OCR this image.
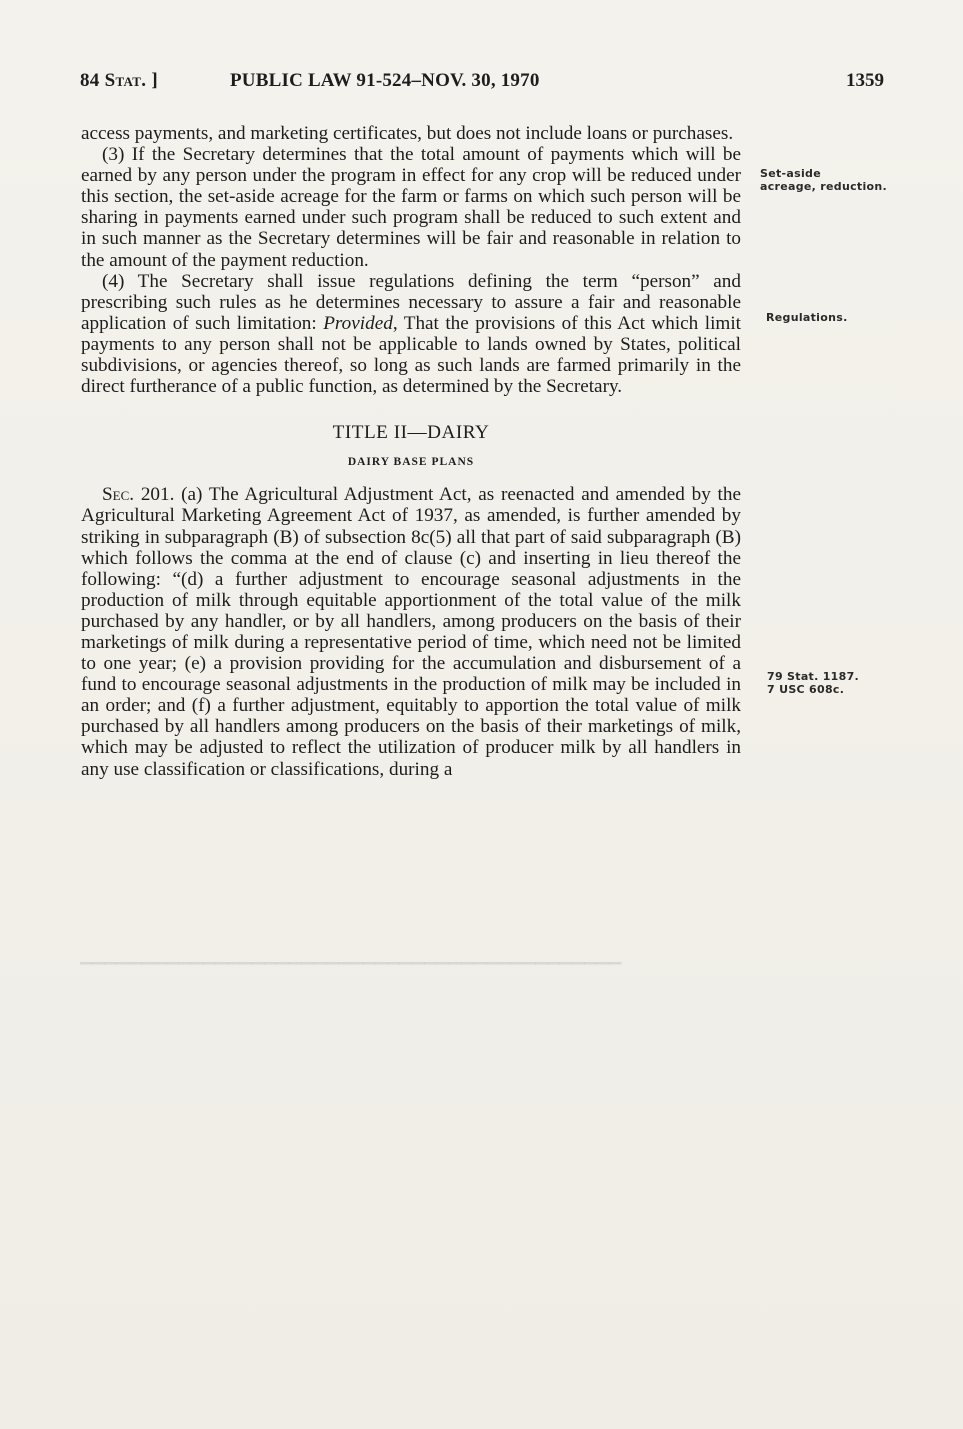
▁▁▁▁▁▁▁▁▁▁▁▁▁▁▁▁▁▁▁▁▁▁▁▁▁▁▁▁▁▁▁▁▁▁▁▁▁▁▁▁▁▁▁▁
84 Stat. ]	PUBLIC LAW 91-524–NOV. 30, 1970	1359
Set-aside
acreage, reduction.
Regulations.
79 Stat. 1187.
7 USC 608c.

access payments, and marketing certificates, but does not include loans or purchases.

(3) If the Secretary determines that the total amount of payments which will be earned by any person under the program in effect for any crop will be reduced under this section, the set-aside acreage for the farm or farms on which such person will be sharing in payments earned under such program shall be reduced to such extent and in such manner as the Secretary determines will be fair and reasonable in relation to the amount of the payment reduction.

(4) The Secretary shall issue regulations defining the term “person” and prescribing such rules as he determines necessary to assure a fair and reasonable application of such limitation: Provided, That the provisions of this Act which limit payments to any person shall not be applicable to lands owned by States, political subdivisions, or agencies thereof, so long as such lands are farmed primarily in the direct furtherance of a public function, as determined by the Secretary.

TITLE II—DAIRY

DAIRY BASE PLANS

Sec. 201. (a) The Agricultural Adjustment Act, as reenacted and amended by the Agricultural Marketing Agreement Act of 1937, as amended, is further amended by striking in subparagraph (B) of subsection 8c(5) all that part of said subparagraph (B) which follows the comma at the end of clause (c) and inserting in lieu thereof the following: “(d) a further adjustment to encourage seasonal adjustments in the production of milk through equitable apportionment of the total value of the milk purchased by any handler, or by all handlers, among producers on the basis of their marketings of milk during a representative period of time, which need not be limited to one year; (e) a provision providing for the accumulation and disbursement of a fund to encourage seasonal adjustments in the production of milk may be included in an order; and (f) a further adjustment, equitably to apportion the total value of milk purchased by all handlers among producers on the basis of their marketings of milk, which may be adjusted to reflect the utilization of producer milk by all handlers in any use classification or classifications, during a
